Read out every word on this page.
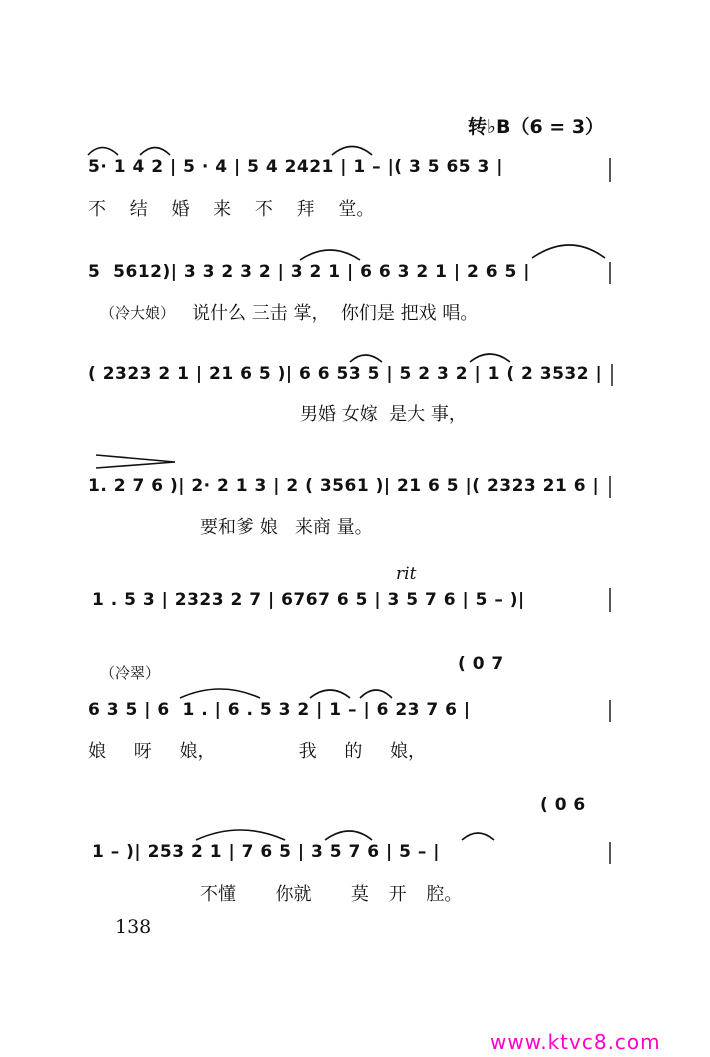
转♭B（6 = 3）
5· 1 4 2 | 5 · 4 | 5 4 2421 | 1 – |( 3 5 65 3 |
不 结 婚 来 不 拜 堂。
5  5612)| 3 3 2 3 2 | 3 2 1 | 6 6 3 2 1 | 2 6 5 |
（冷大娘） 说什么 三击 掌，  你们是 把戏 唱。
( 2323 2 1 | 21 6 5 )| 6 6 53 5 | 5 2 3 2 | 1 ( 2 3532 |
男婚 女嫁  是大 事，
1. 2 7 6 )| 2· 2 1 3 | 2 ( 3561 )| 21 6 5 |( 2323 21 6 |
要和爹 娘   来商 量。
rit
1 . 5 3 | 2323 2 7 | 6767 6 5 | 3 5 7 6 | 5 – )|
（冷翠）	( 0 7
6 3 5 | 6  1 . | 6 . 5 3 2 | 1 – | 6 23 7 6 |
娘 呀 娘，   我 的 娘，
( 0 6
1 – )| 253 2 1 | 7 6 5 | 3 5 7 6 | 5 – |
不懂  你就  莫 开 腔。
138
www.ktvc8.com
